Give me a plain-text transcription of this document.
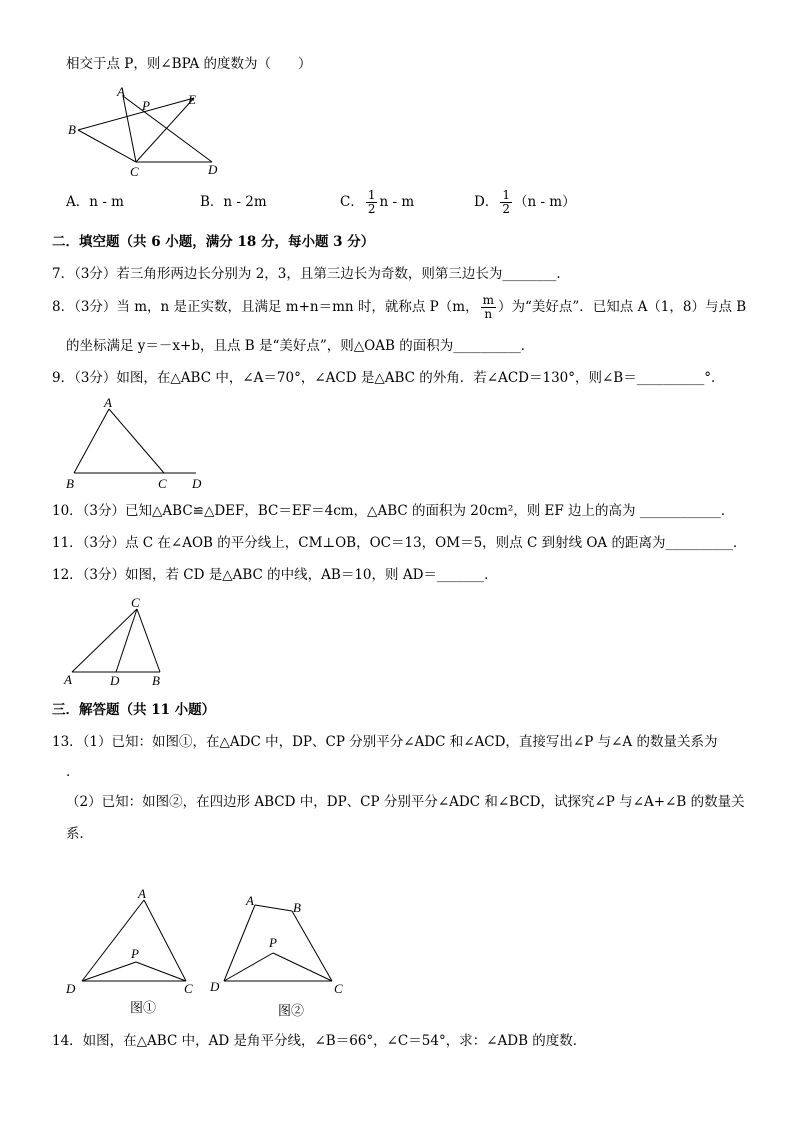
相交于点 P，则∠BPA 的度数为（　　）
A
P	E
B
C	D
A．n - m	B．n - 2m	C． $\frac{1}{2}$ n - m	D． $\frac{1}{2} (n - m)$
二．填空题（共 6 小题，满分 18 分，每小题 3 分）
7．（3分）若三角形两边长分别为 2，3，且第三边长为奇数，则第三边长为________．
8．（3分）当 m，n 是正实数，且满足 m+n＝mn 时，就称点 P（m， $\frac{m}{n}$ ）为“美好点”．已知点 A（1，8）与点 B
的坐标满足 y＝－x+b，且点 B 是“美好点”，则△OAB 的面积为__________．
9．（3分）如图，在△ABC 中，∠A＝70°，∠ACD 是△ABC 的外角．若∠ACD＝130°，则∠B＝__________°．
A
B	C D
10．（3分）已知△ABC≌△DEF，BC＝EF＝4cm，△ABC 的面积为 20cm²，则 EF 边上的高为 ____________．
11．（3分）点 C 在∠AOB 的平分线上，CM⊥OB，OC＝13，OM＝5，则点 C 到射线 OA 的距离为__________．
12．（3分）如图，若 CD 是△ABC 的中线，AB＝10，则 AD＝_______．
C
A	D	B
三．解答题（共 11 小题）
13．（1）已知：如图①，在△ADC 中，DP、CP 分别平分∠ADC 和∠ACD，直接写出∠P 与∠A 的数量关系为
．
（2）已知：如图②，在四边形 ABCD 中，DP、CP 分别平分∠ADC 和∠BCD，试探究∠P 与∠A+∠B 的数量关
系．
A
P
D	C
图①
A	B
P
D	C
图②
14．如图，在△ABC 中，AD 是角平分线，∠B＝66°，∠C＝54°，求：∠ADB 的度数．
